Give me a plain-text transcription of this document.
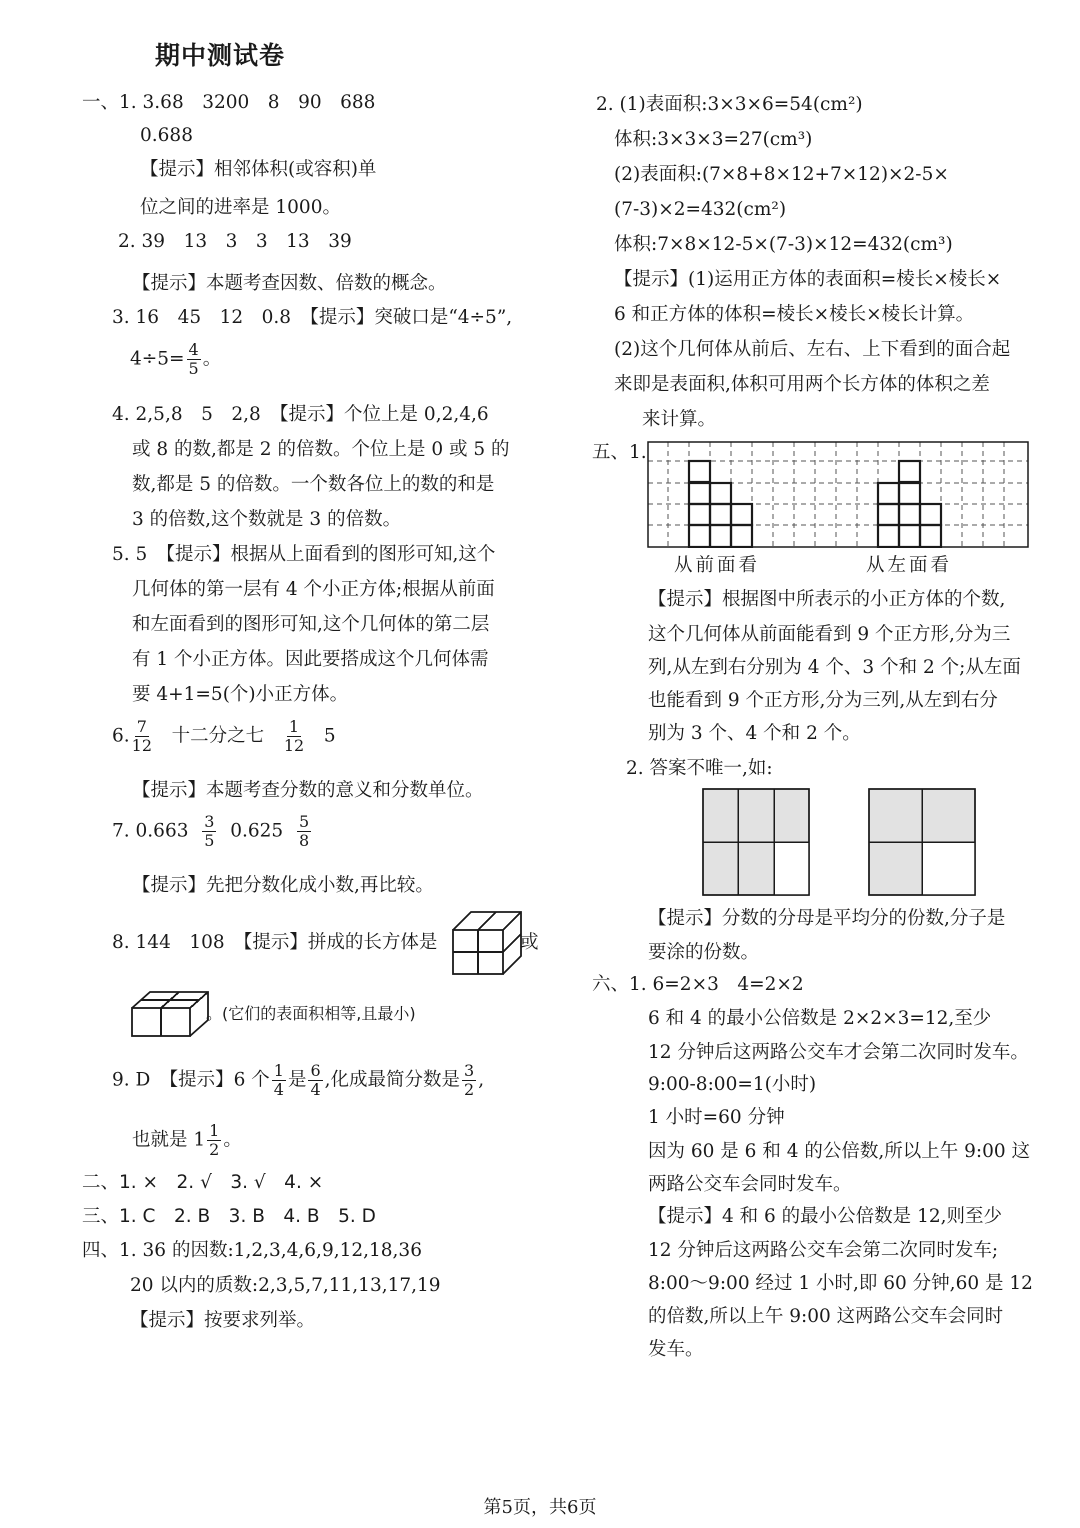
期中测试卷
一、1. 3.68　3200　8　90　688
0.688
【提示】相邻体积(或容积)单
位之间的进率是 1000。
2. 39　13　3　3　13　39
【提示】本题考查因数、倍数的概念。
3. 16　45　12　0.8　【提示】突破口是“4÷5”,
$4\div 5= \frac{4}{5}$ 。
4. 2,5,8　5　2,8　【提示】个位上是 0,2,4,6
或 8 的数,都是 2 的倍数。个位上是 0 或 5 的
数,都是 5 的倍数。一个数各位上的数的和是
3 的倍数,这个数就是 3 的倍数。
5. 5　【提示】根据从上面看到的图形可知,这个
几何体的第一层有 4 个小正方体;根据从前面
和左面看到的图形可知,这个几何体的第二层
有 1 个小正方体。因此要搭成这个几何体需
要 4+1=5(个)小正方体。
6. $\frac{7}{12}$ 十二分之七 $\frac{1}{12} 5$
【提示】本题考查分数的意义和分数单位。
7. $0.663 \frac{3}{5} 0.625 \frac{5}{8}$
【提示】先把分数化成小数,再比较。
8. 144　108　【提示】拼成的长方体是	或
。(它们的表面积相等,且最小)
9. D　【提示】6 个 $\frac{1}{4}$ 是 $\frac{6}{4}$ ,化成最简分数是 $\frac{3}{2}$ ,
也就是 $1 \frac{1}{2}$ 。
二、1. ×　2. √　3. √　4. ×
三、1. C　2. B　3. B　4. B　5. D
四、1. 36 的因数:1,2,3,4,6,9,12,18,36
20 以内的质数:2,3,5,7,11,13,17,19
【提示】按要求列举。
2. (1)表面积:3×3×6=54(cm²)
体积:3×3×3=27(cm³)
(2)表面积:(7×8+8×12+7×12)×2-5×
(7-3)×2=432(cm²)
体积:7×8×12-5×(7-3)×12=432(cm³)
【提示】(1)运用正方体的表面积=棱长×棱长×
6 和正方体的体积=棱长×棱长×棱长计算。
(2)这个几何体从前后、左右、上下看到的面合起
来即是表面积,体积可用两个长方体的体积之差
来计算。
五、1.
从前面看	从左面看
【提示】根据图中所表示的小正方体的个数,
这个几何体从前面能看到 9 个正方形,分为三
列,从左到右分别为 4 个、3 个和 2 个;从左面
也能看到 9 个正方形,分为三列,从左到右分
别为 3 个、4 个和 2 个。
2. 答案不唯一,如:
【提示】分数的分母是平均分的份数,分子是
要涂的份数。
六、1. 6=2×3　4=2×2
6 和 4 的最小公倍数是 2×2×3=12,至少
12 分钟后这两路公交车才会第二次同时发车。
9:00-8:00=1(小时)
1 小时=60 分钟
因为 60 是 6 和 4 的公倍数,所以上午 9:00 这
两路公交车会同时发车。
【提示】4 和 6 的最小公倍数是 12,则至少
12 分钟后这两路公交车会第二次同时发车;
8:00～9:00 经过 1 小时,即 60 分钟,60 是 12
的倍数,所以上午 9:00 这两路公交车会同时
发车。
第5页，共6页
